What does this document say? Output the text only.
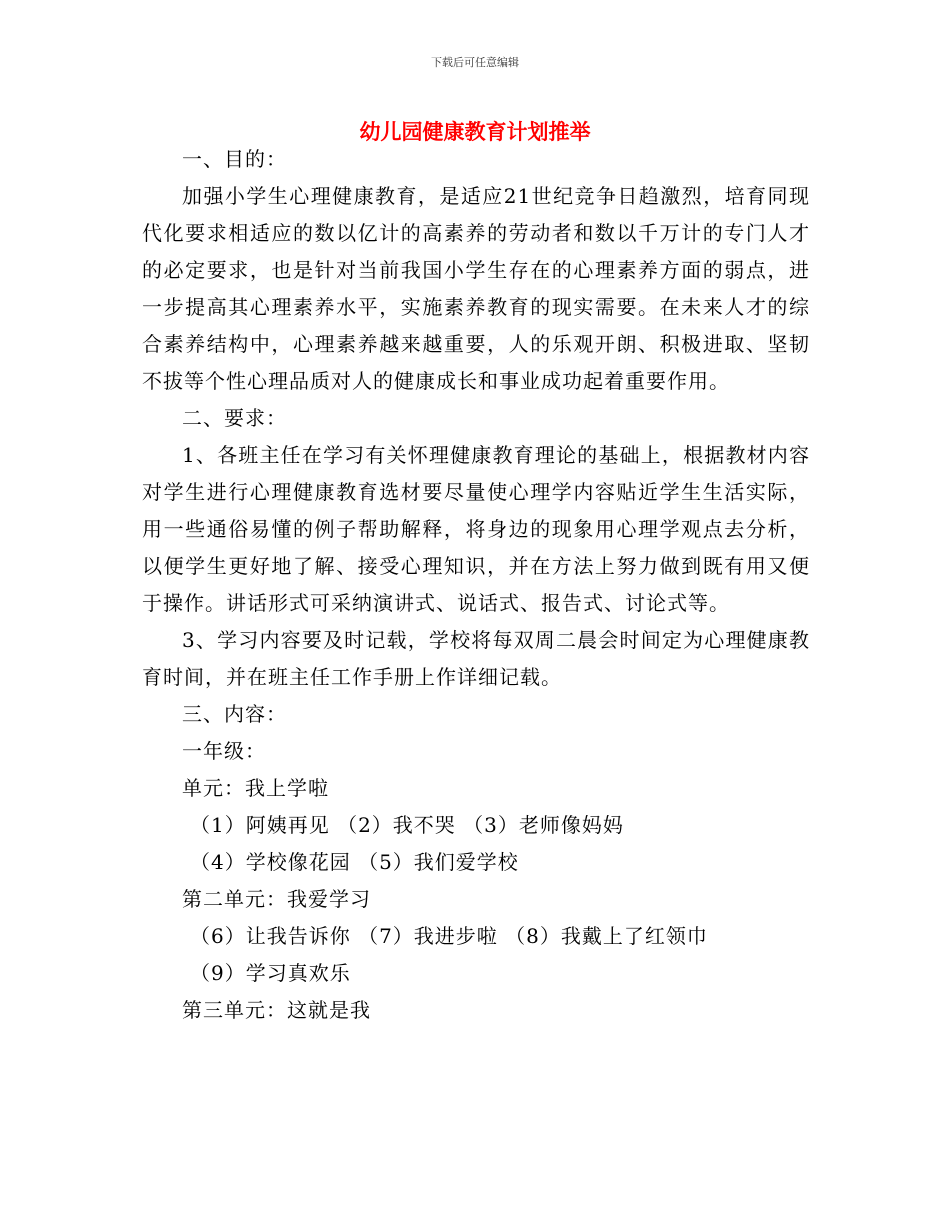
下载后可任意编辑
幼儿园健康教育计划推举

一、目的：

加强小学生心理健康教育，是适应21世纪竞争日趋激烈，培育同现代化要求相适应的数以亿计的高素养的劳动者和数以千万计的专门人才的必定要求，也是针对当前我国小学生存在的心理素养方面的弱点，进一步提高其心理素养水平，实施素养教育的现实需要。在未来人才的综合素养结构中，心理素养越来越重要，人的乐观开朗、积极进取、坚韧不拔等个性心理品质对人的健康成长和事业成功起着重要作用。

二、要求：

1、各班主任在学习有关怀理健康教育理论的基础上，根据教材内容对学生进行心理健康教育选材要尽量使心理学内容贴近学生生活实际，用一些通俗易懂的例子帮助解释，将身边的现象用心理学观点去分析，以便学生更好地了解、接受心理知识，并在方法上努力做到既有用又便于操作。讲话形式可采纳演讲式、说话式、报告式、讨论式等。

3、学习内容要及时记载，学校将每双周二晨会时间定为心理健康教育时间，并在班主任工作手册上作详细记载。

三、内容：

一年级：

单元：我上学啦

（1）阿姨再见 （2）我不哭 （3）老师像妈妈

（4）学校像花园 （5）我们爱学校

第二单元：我爱学习

（6）让我告诉你 （7）我进步啦 （8）我戴上了红领巾

（9）学习真欢乐

第三单元：这就是我
